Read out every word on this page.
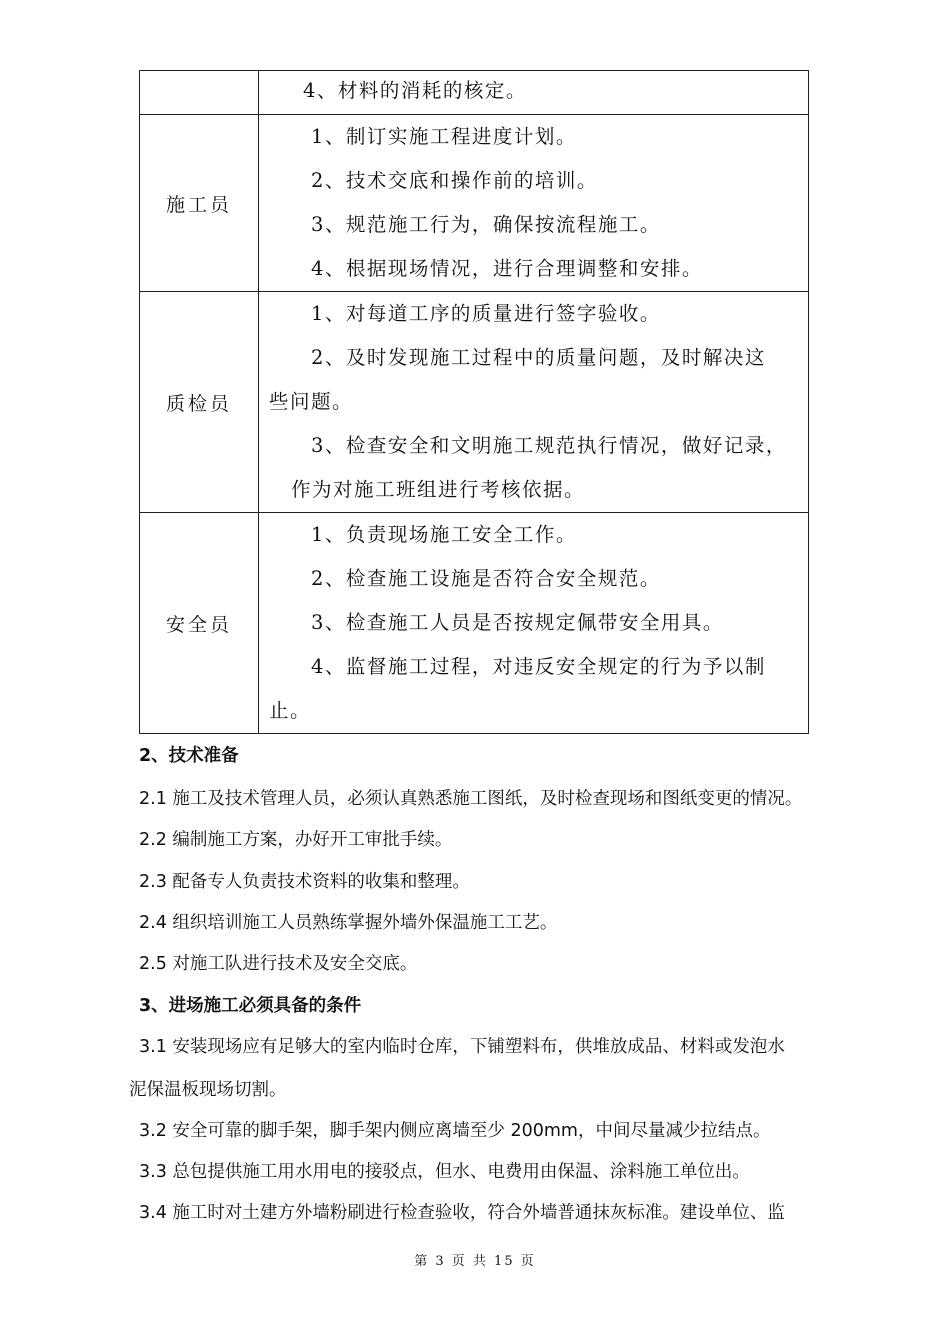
	4、材料的消耗的核定。

施工员	1、制订实施工程进度计划。
2、技术交底和操作前的培训。
3、规范施工行为，确保按流程施工。
4、根据现场情况，进行合理调整和安排。

质检员	1、对每道工序的质量进行签字验收。
2、及时发现施工过程中的质量问题，及时解决这
些问题。
3、检查安全和文明施工规范执行情况，做好记录，
作为对施工班组进行考核依据。

安全员	1、负责现场施工安全工作。
2、检查施工设施是否符合安全规范。
3、检查施工人员是否按规定佩带安全用具。
4、监督施工过程，对违反安全规定的行为予以制
止。
2、技术准备
2.1 施工及技术管理人员，必须认真熟悉施工图纸，及时检查现场和图纸变更的情况。
2.2 编制施工方案，办好开工审批手续。
2.3 配备专人负责技术资料的收集和整理。
2.4 组织培训施工人员熟练掌握外墙外保温施工工艺。
2.5 对施工队进行技术及安全交底。
3、进场施工必须具备的条件
3.1 安装现场应有足够大的室内临时仓库，下铺塑料布，供堆放成品、材料或发泡水
泥保温板现场切割。
3.2 安全可靠的脚手架，脚手架内侧应离墙至少 200mm，中间尽量减少拉结点。
3.3 总包提供施工用水用电的接驳点，但水、电费用由保温、涂料施工单位出。
3.4 施工时对土建方外墙粉刷进行检查验收，符合外墙普通抹灰标准。建设单位、监
第 3 页 共 15 页
